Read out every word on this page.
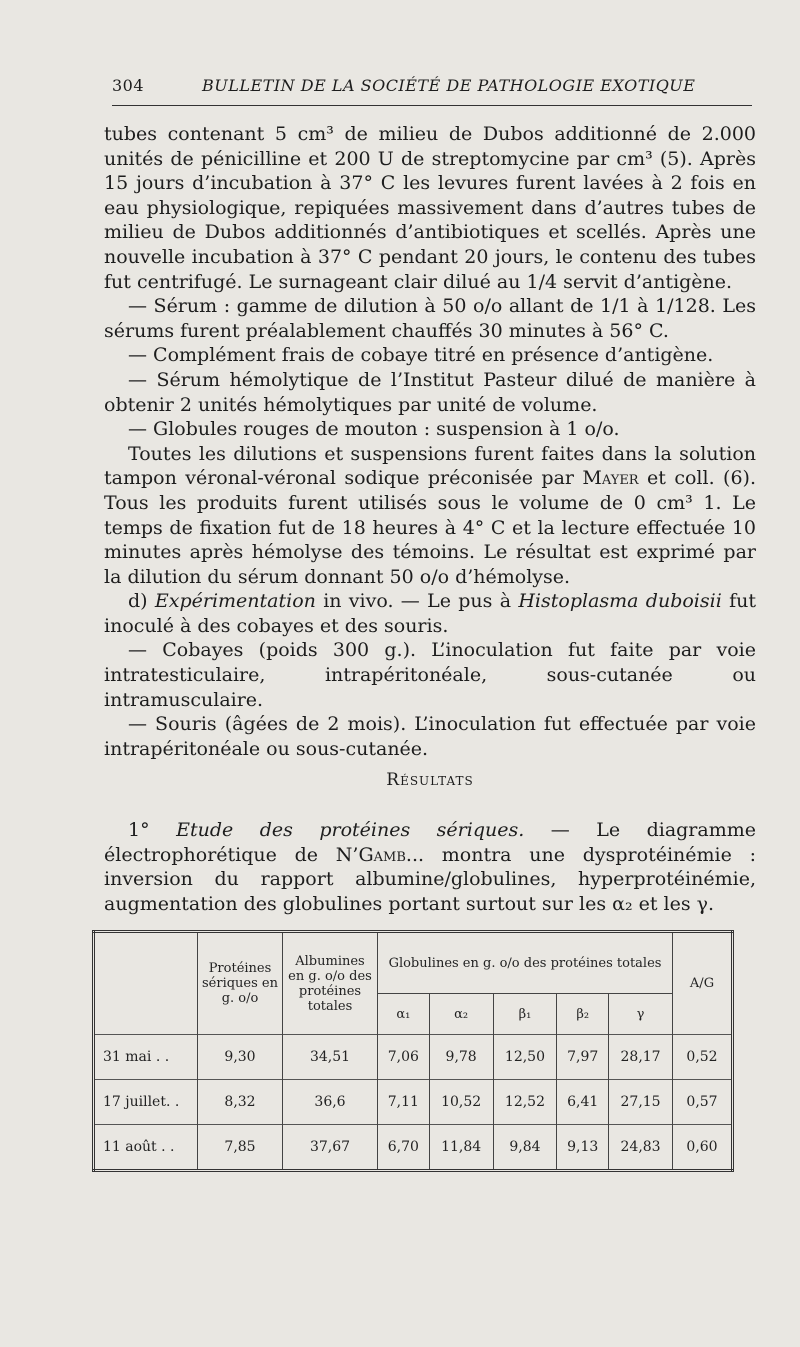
304	BULLETIN DE LA SOCIÉTÉ DE PATHOLOGIE EXOTIQUE

tubes contenant 5 cm³ de milieu de Dubos additionné de 2.000 unités de pénicilline et 200 U de streptomycine par cm³ (5). Après 15 jours d’incubation à 37° C les levures furent lavées à 2 fois en eau physiologique, repiquées massivement dans d’autres tubes de milieu de Dubos additionnés d’antibiotiques et scellés. Après une nouvelle incubation à 37° C pendant 20 jours, le contenu des tubes fut centrifugé. Le surnageant clair dilué au 1/4 servit d’antigène.

— Sérum : gamme de dilution à 50 o/o allant de 1/1 à 1/128. Les sérums furent préalablement chauffés 30 minutes à 56° C.

— Complément frais de cobaye titré en présence d’antigène.

— Sérum hémolytique de l’Institut Pasteur dilué de manière à obtenir 2 unités hémolytiques par unité de volume.

— Globules rouges de mouton : suspension à 1 o/o.

Toutes les dilutions et suspensions furent faites dans la solution tampon véronal-véronal sodique préconisée par Mayer et coll. (6). Tous les produits furent utilisés sous le volume de 0 cm³ 1. Le temps de fixation fut de 18 heures à 4° C et la lecture effectuée 10 minutes après hémolyse des témoins. Le résultat est exprimé par la dilution du sérum donnant 50 o/o d’hémolyse.

d) Expérimentation in vivo. — Le pus à Histoplasma duboisii fut inoculé à des cobayes et des souris.

— Cobayes (poids 300 g.). L’inoculation fut faite par voie intratesticulaire, intrapéritonéale, sous-cutanée ou intramusculaire.

— Souris (âgées de 2 mois). L’inoculation fut effectuée par voie intrapéritonéale ou sous-cutanée.

Résultats

1° Etude des protéines sériques. — Le diagramme électrophorétique de N’Gamb... montra une dysprotéinémie : inversion du rapport albumine/globulines, hyperprotéinémie, augmentation des globulines portant surtout sur les α₂ et les γ.

	Protéines sériques en g. o/o	Albumines en g. o/o des protéines totales	Globulines en g. o/o des protéines totales					A/G
			α₁	α₂	β₁	β₂	γ	
31 mai . .	9,30	34,51	7,06	9,78	12,50	7,97	28,17	0,52
17 juillet. .	8,32	36,6	7,11	10,52	12,52	6,41	27,15	0,57
11 août . .	7,85	37,67	6,70	11,84	9,84	9,13	24,83	0,60
